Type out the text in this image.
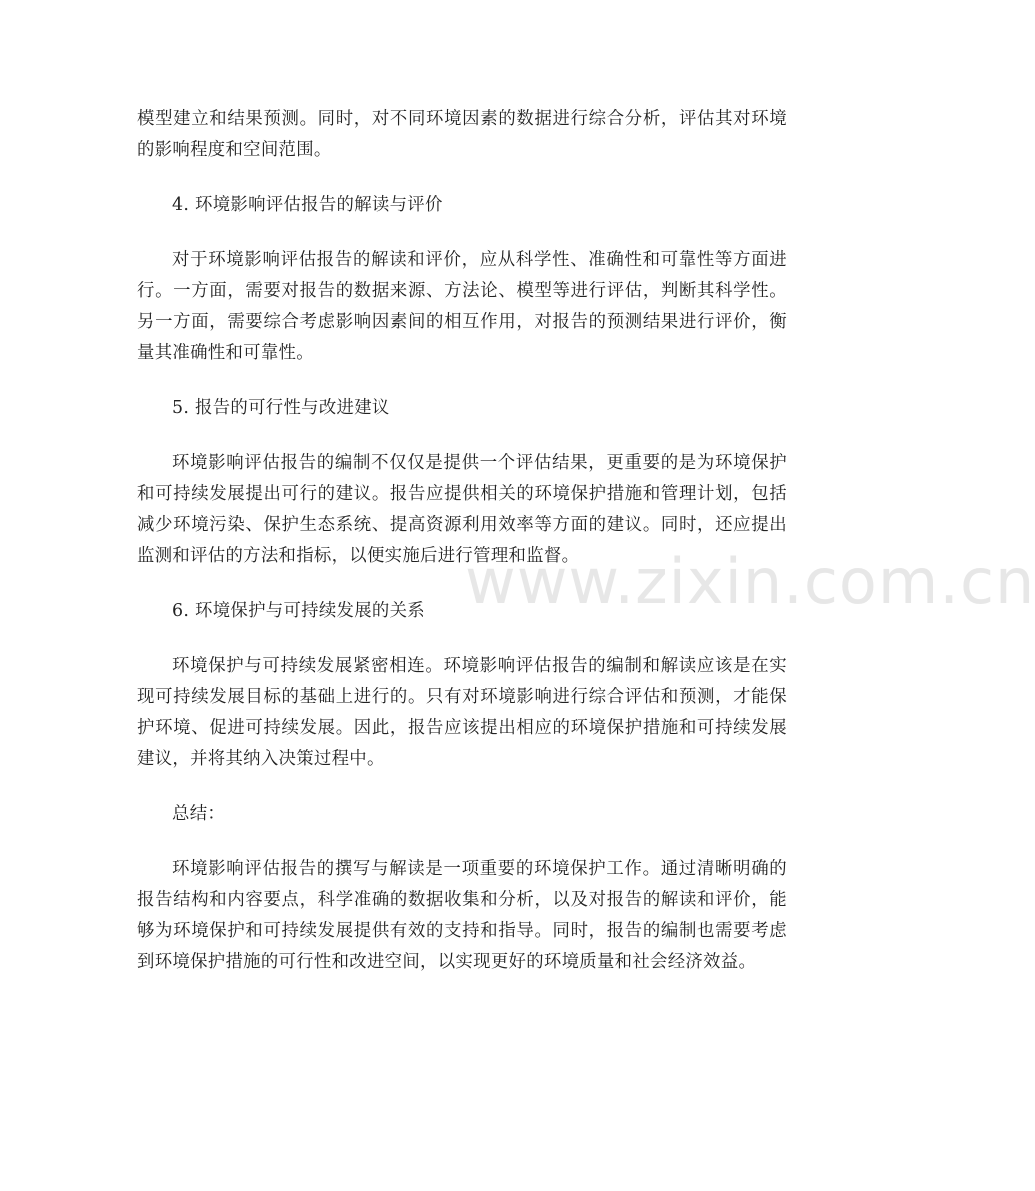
模型建立和结果预测。同时，对不同环境因素的数据进行综合分析，评估其对环境的影响程度和空间范围。

4. 环境影响评估报告的解读与评价

对于环境影响评估报告的解读和评价，应从科学性、准确性和可靠性等方面进行。一方面，需要对报告的数据来源、方法论、模型等进行评估，判断其科学性。另一方面，需要综合考虑影响因素间的相互作用，对报告的预测结果进行评价，衡量其准确性和可靠性。

5. 报告的可行性与改进建议

环境影响评估报告的编制不仅仅是提供一个评估结果，更重要的是为环境保护和可持续发展提出可行的建议。报告应提供相关的环境保护措施和管理计划，包括减少环境污染、保护生态系统、提高资源利用效率等方面的建议。同时，还应提出监测和评估的方法和指标，以便实施后进行管理和监督。

6. 环境保护与可持续发展的关系

环境保护与可持续发展紧密相连。环境影响评估报告的编制和解读应该是在实现可持续发展目标的基础上进行的。只有对环境影响进行综合评估和预测，才能保护环境、促进可持续发展。因此，报告应该提出相应的环境保护措施和可持续发展建议，并将其纳入决策过程中。

总结：

环境影响评估报告的撰写与解读是一项重要的环境保护工作。通过清晰明确的报告结构和内容要点，科学准确的数据收集和分析，以及对报告的解读和评价，能够为环境保护和可持续发展提供有效的支持和指导。同时，报告的编制也需要考虑到环境保护措施的可行性和改进空间，以实现更好的环境质量和社会经济效益。

www.zixin.com.cn
